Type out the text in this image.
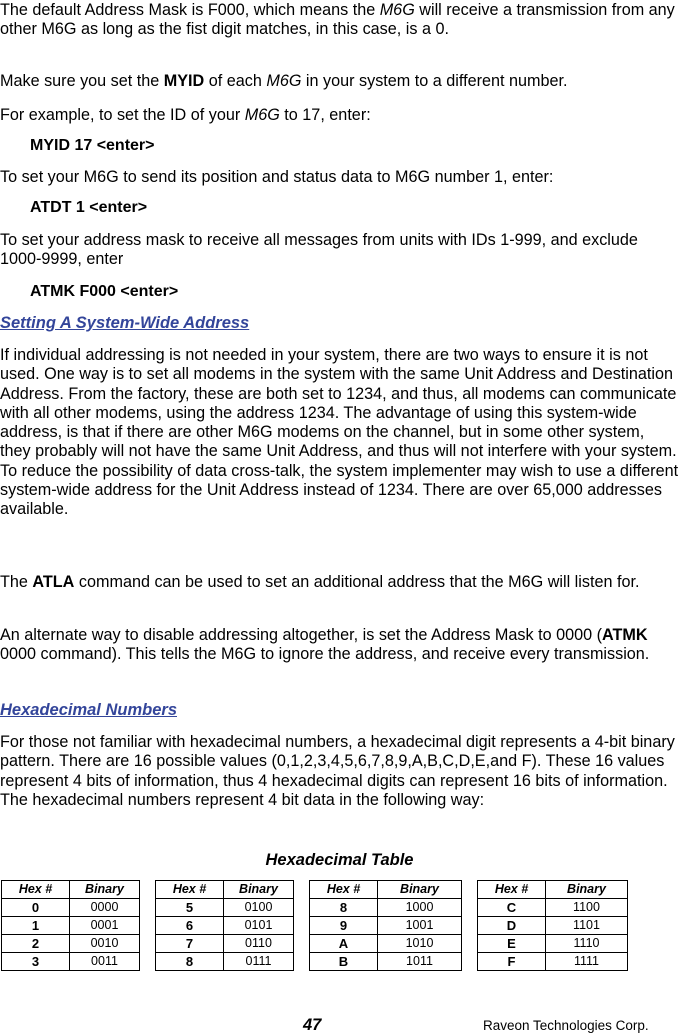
The default Address Mask is F000, which means the M6G will receive a transmission from any other M6G as long as the fist digit matches, in this case, is a 0.

Make sure you set the MYID of each M6G in your system to a different number.

For example, to set the ID of your M6G to 17, enter:

MYID 17 <enter>

To set your M6G to send its position and status data to M6G number 1, enter:

ATDT 1 <enter>

To set your address mask to receive all messages from units with IDs 1-999, and exclude 1000-9999, enter

ATMK F000 <enter>

Setting A System-Wide Address

If individual addressing is not needed in your system, there are two ways to ensure it is not used. One way is to set all modems in the system with the same Unit Address and Destination Address. From the factory, these are both set to 1234, and thus, all modems can communicate with all other modems, using the address 1234. The advantage of using this system-wide address, is that if there are other M6G modems on the channel, but in some other system, they probably will not have the same Unit Address, and thus will not interfere with your system. To reduce the possibility of data cross-talk, the system implementer may wish to use a different system-wide address for the Unit Address instead of 1234. There are over 65,000 addresses available.

The ATLA command can be used to set an additional address that the M6G will listen for.

An alternate way to disable addressing altogether, is set the Address Mask to 0000 (ATMK 0000 command). This tells the M6G to ignore the address, and receive every transmission.

Hexadecimal Numbers

For those not familiar with hexadecimal numbers, a hexadecimal digit represents a 4-bit binary pattern. There are 16 possible values (0,1,2,3,4,5,6,7,8,9,A,B,C,D,E,and F). These 16 values represent 4 bits of information, thus 4 hexadecimal digits can represent 16 bits of information. The hexadecimal numbers represent 4 bit data in the following way:

Hexadecimal Table

Hex #	Binary		Hex #	Binary		Hex #	Binary		Hex #	Binary
0	0000		5	0100		8	1000		C	1100
1	0001		6	0101		9	1001		D	1101
2	0010		7	0110		A	1010		E	1110
3	0011		8	0111		B	1011		F	1111

47	Raveon Technologies Corp.
